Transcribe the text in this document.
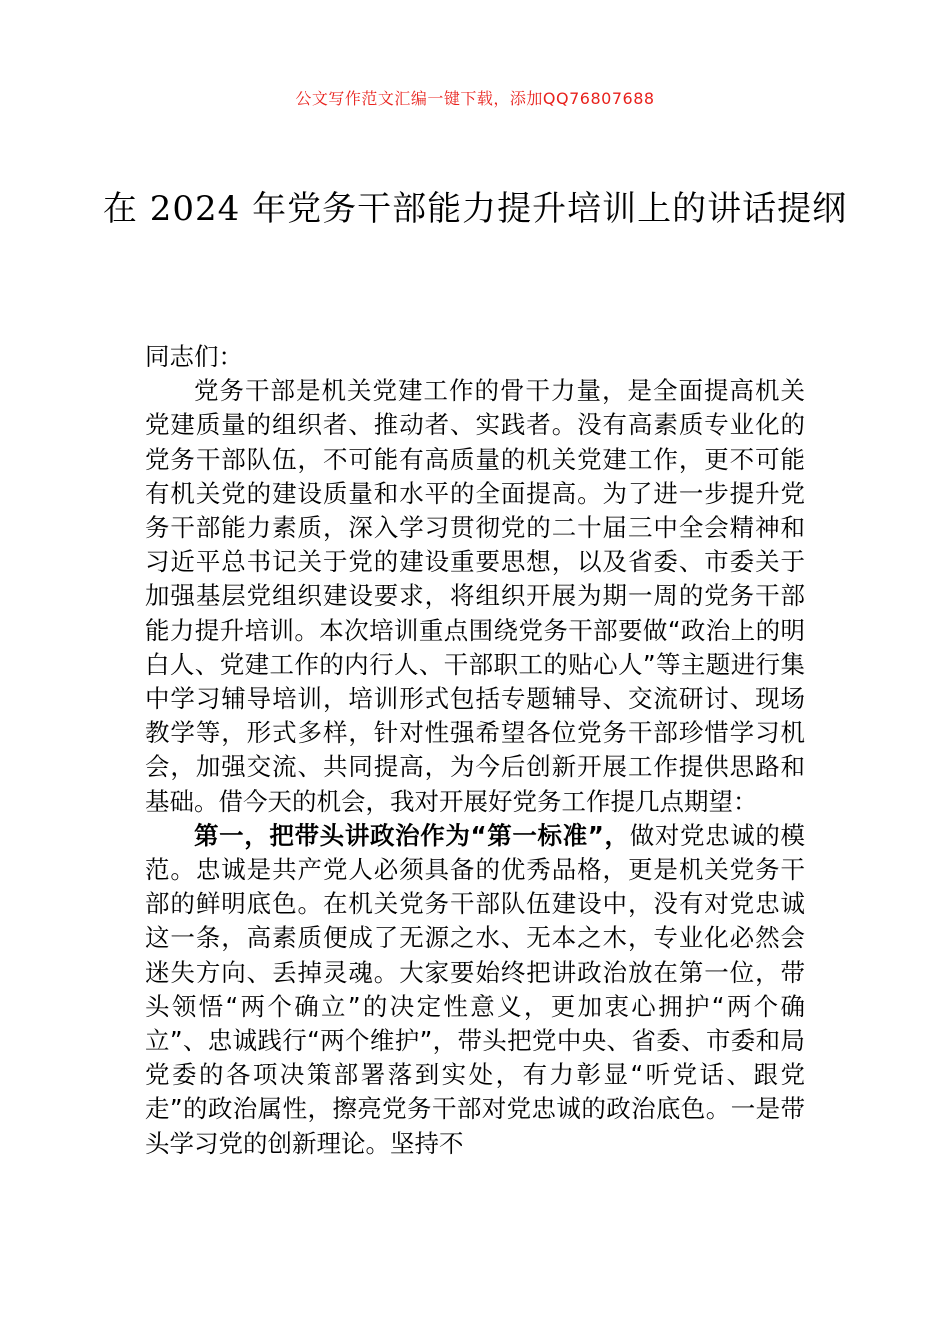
公文写作范文汇编一键下载，添加QQ76807688
在 2024 年党务干部能力提升培训上的讲话提纲

同志们：

党务干部是机关党建工作的骨干力量，是全面提高机关党建质量的组织者、推动者、实践者。没有高素质专业化的党务干部队伍，不可能有高质量的机关党建工作，更不可能有机关党的建设质量和水平的全面提高。为了进一步提升党务干部能力素质，深入学习贯彻党的二十届三中全会精神和习近平总书记关于党的建设重要思想，以及省委、市委关于加强基层党组织建设要求，将组织开展为期一周的党务干部能力提升培训。本次培训重点围绕党务干部要做“政治上的明白人、党建工作的内行人、干部职工的贴心人”等主题进行集中学习辅导培训，培训形式包括专题辅导、交流研讨、现场教学等，形式多样，针对性强希望各位党务干部珍惜学习机会，加强交流、共同提高，为今后创新开展工作提供思路和基础。借今天的机会，我对开展好党务工作提几点期望：

第一，把带头讲政治作为“第一标准”，做对党忠诚的模范。忠诚是共产党人必须具备的优秀品格，更是机关党务干部的鲜明底色。在机关党务干部队伍建设中，没有对党忠诚这一条，高素质便成了无源之水、无本之木，专业化必然会迷失方向、丢掉灵魂。大家要始终把讲政治放在第一位，带头领悟“两个确立”的决定性意义，更加衷心拥护“两个确立”、忠诚践行“两个维护”，带头把党中央、省委、市委和局党委的各项决策部署落到实处，有力彰显“听党话、跟党走”的政治属性，擦亮党务干部对党忠诚的政治底色。一是带头学习党的创新理论。坚持不
